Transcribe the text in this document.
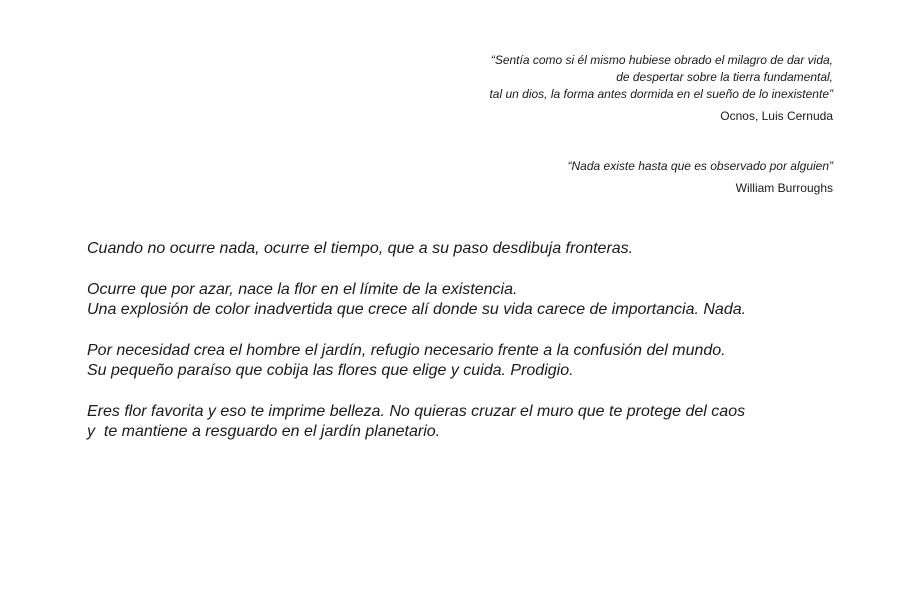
“Sentía como si él mismo hubiese obrado el milagro de dar vida,
de despertar sobre la tierra fundamental,
tal un dios, la forma antes dormida en el sueño de lo inexistente”
Ocnos, Luis Cernuda
“Nada existe hasta que es observado por alguien”
William Burroughs

Cuando no ocurre nada, ocurre el tiempo, que a su paso desdibuja fronteras.

Ocurre que por azar, nace la flor en el límite de la existencia.
Una explosión de color inadvertida que crece alí donde su vida carece de importancia. Nada.

Por necesidad crea el hombre el jardín, refugio necesario frente a la confusión del mundo.
Su pequeño paraíso que cobija las flores que elige y cuida. Prodigio.

Eres flor favorita y eso te imprime belleza. No quieras cruzar el muro que te protege del caos
y  te mantiene a resguardo en el jardín planetario.
